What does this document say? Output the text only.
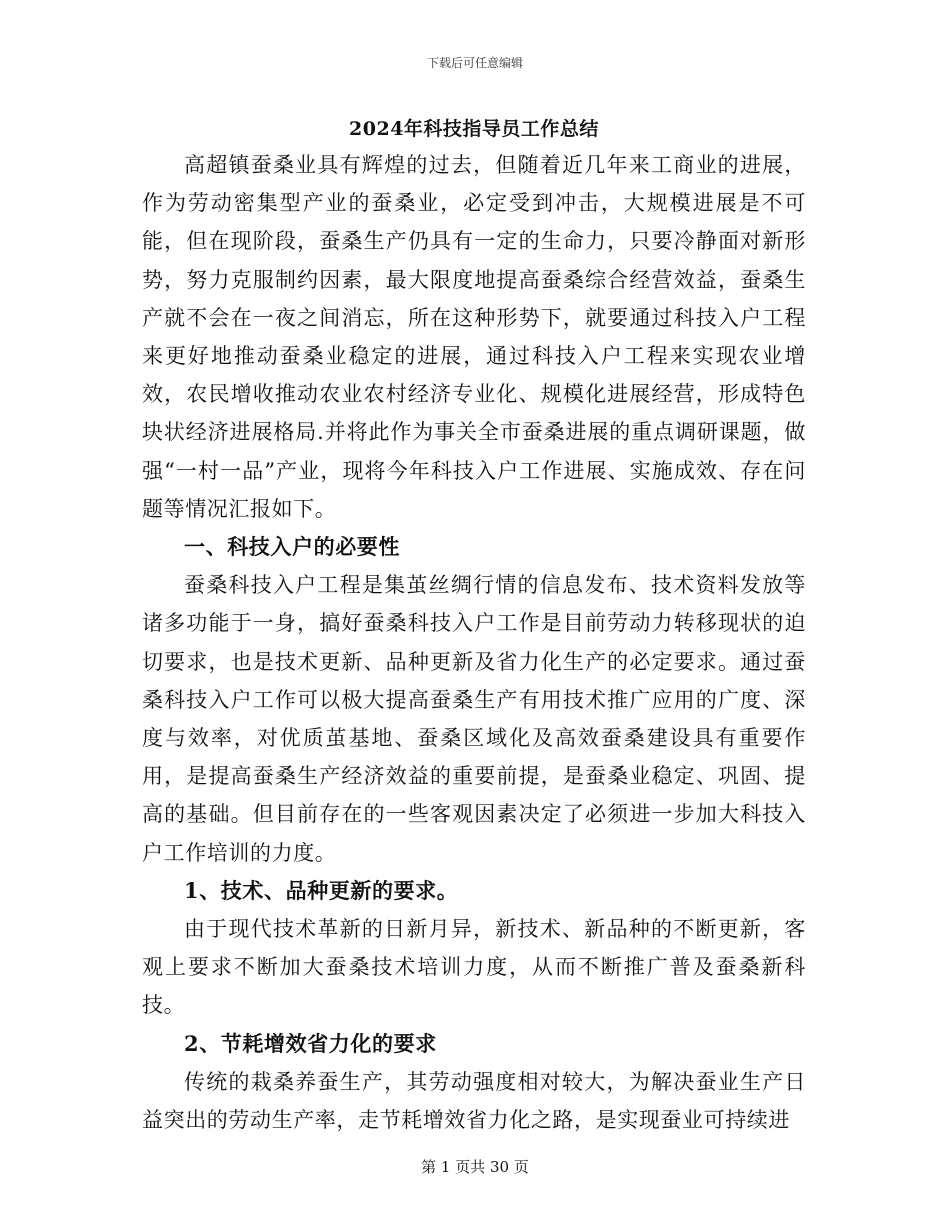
下载后可任意编辑
2024年科技指导员工作总结

高超镇蚕桑业具有辉煌的过去，但随着近几年来工商业的进展，作为劳动密集型产业的蚕桑业，必定受到冲击，大规模进展是不可能，但在现阶段，蚕桑生产仍具有一定的生命力，只要冷静面对新形势，努力克服制约因素，最大限度地提高蚕桑综合经营效益，蚕桑生产就不会在一夜之间消忘，所在这种形势下，就要通过科技入户工程来更好地推动蚕桑业稳定的进展，通过科技入户工程来实现农业增效，农民增收推动农业农村经济专业化、规模化进展经营，形成特色块状经济进展格局.并将此作为事关全市蚕桑进展的重点调研课题，做强“一村一品”产业，现将今年科技入户工作进展、实施成效、存在问题等情况汇报如下。

一、科技入户的必要性

蚕桑科技入户工程是集茧丝绸行情的信息发布、技术资料发放等诸多功能于一身，搞好蚕桑科技入户工作是目前劳动力转移现状的迫切要求，也是技术更新、品种更新及省力化生产的必定要求。通过蚕桑科技入户工作可以极大提高蚕桑生产有用技术推广应用的广度、深度与效率，对优质茧基地、蚕桑区域化及高效蚕桑建设具有重要作用，是提高蚕桑生产经济效益的重要前提，是蚕桑业稳定、巩固、提高的基础。但目前存在的一些客观因素决定了必须进一步加大科技入户工作培训的力度。

1、技术、品种更新的要求。

由于现代技术革新的日新月异，新技术、新品种的不断更新，客观上要求不断加大蚕桑技术培训力度，从而不断推广普及蚕桑新科技。

2、节耗增效省力化的要求

传统的栽桑养蚕生产，其劳动强度相对较大，为解决蚕业生产日益突出的劳动生产率，走节耗增效省力化之路，是实现蚕业可持续进

第 1 页共 30 页
